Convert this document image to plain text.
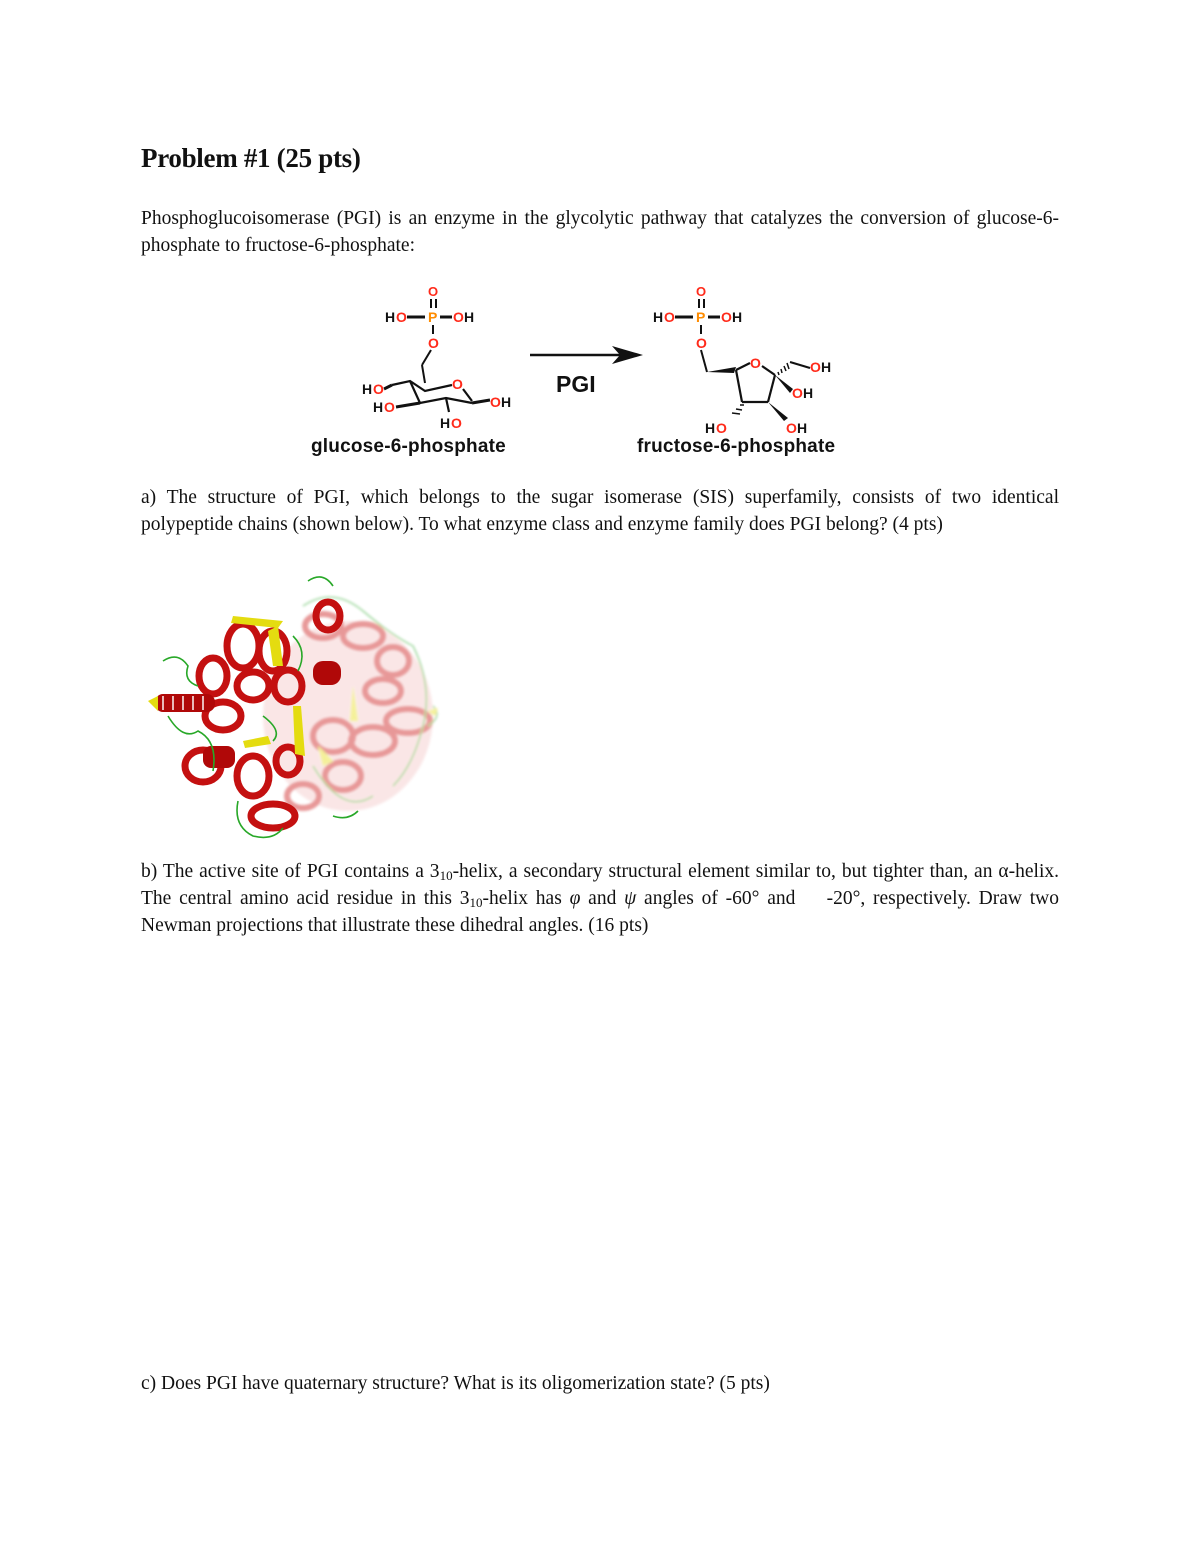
Problem #1 (25 pts)
Phosphoglucoisomerase (PGI) is an enzyme in the glycolytic pathway that catalyzes the conversion of glucose-6-phosphate to fructose-6-phosphate:
O
H O P O H
O
O
O H
H O
H O
H O
O
H O P O H
O
O	O H
O H
H O	O H
PGI
glucose-6-phosphate	fructose-6-phosphate
a) The structure of PGI, which belongs to the sugar isomerase (SIS) superfamily, consists of two identical polypeptide chains (shown below). To what enzyme class and enzyme family does PGI belong? (4 pts)
b) The active site of PGI contains a $3_{10}$-helix, a secondary structural element similar to, but tighter than, an α-helix. The central amino acid residue in this $3_{10}$-helix has φ and ψ angles of -60° and    -20°, respectively. Draw two Newman projections that illustrate these dihedral angles. (16 pts)
c) Does PGI have quaternary structure? What is its oligomerization state? (5 pts)
